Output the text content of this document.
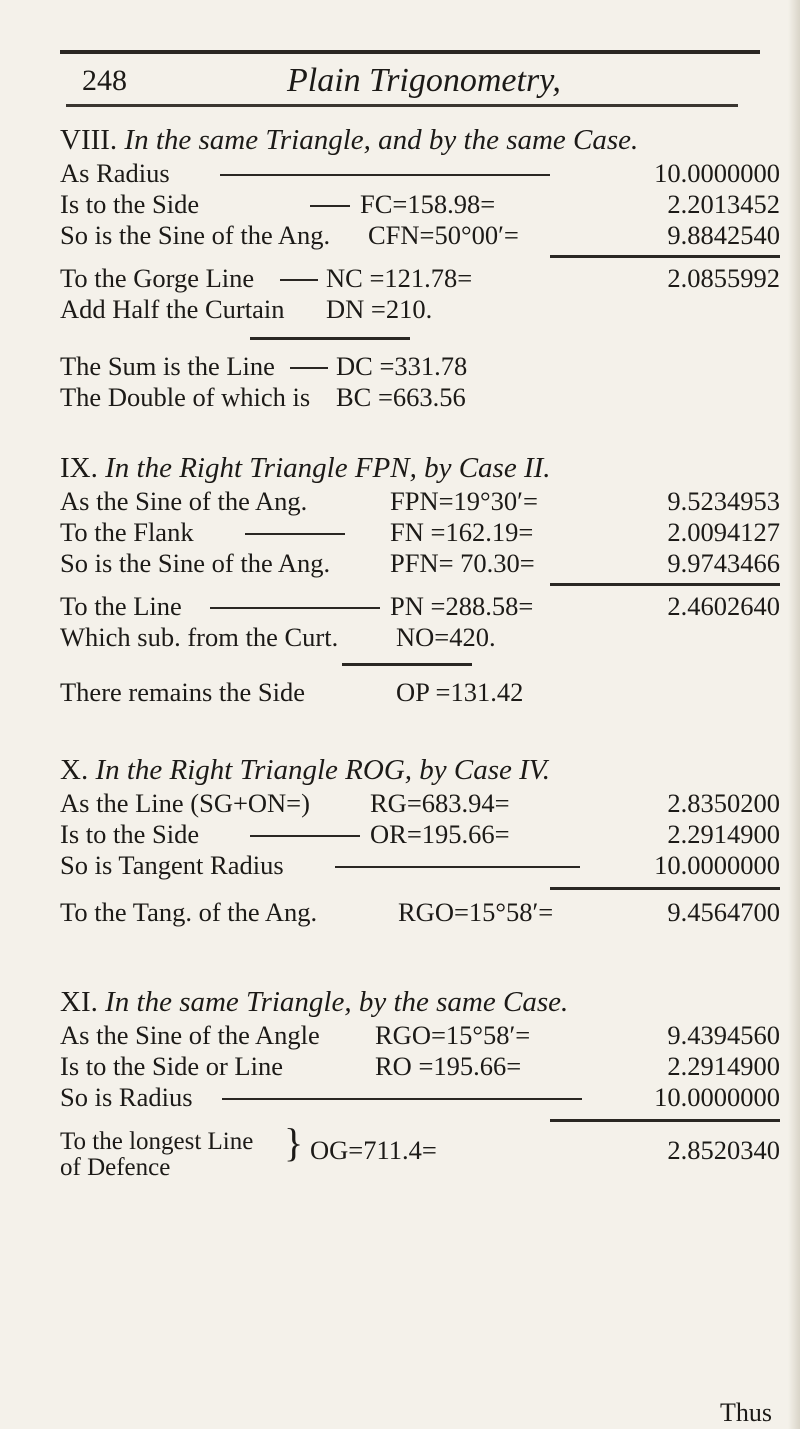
248	Plain Trigonometry,
VIII. In the same Triangle, and by the same Case.
As Radius	10.0000000
Is to the Side	FC=158.98=	2.2013452
So is the Sine of the Ang. CFN=50°00′=	9.8842540
To the Gorge Line	NC =121.78=	2.0855992
Add Half the Curtain DN =210.
The Sum is the Line DC =331.78
The Double of which is BC =663.56
IX. In the Right Triangle FPN, by Case II.
As the Sine of the Ang.	FPN=19°30′=	9.5234953
To the Flank	FN =162.19=	2.0094127
So is the Sine of the Ang. PFN= 70.30=	9.9743466
To the Line	PN =288.58=	2.4602640
Which sub. from the Curt. NO=420.
There remains the Side	OP =131.42
X. In the Right Triangle ROG, by Case IV.
As the Line (SG+ON=) RG=683.94=	2.8350200
Is to the Side	OR=195.66=	2.2914900
So is Tangent Radius	10.0000000
To the Tang. of the Ang.	RGO=15°58′=	9.4564700
XI. In the same Triangle, by the same Case.
As the Sine of the Angle RGO=15°58′=	9.4394560
Is to the Side or Line	RO =195.66=	2.2914900
So is Radius	10.0000000
To the longest Line of Defence
} OG=711.4=	2.8520340
Thus
